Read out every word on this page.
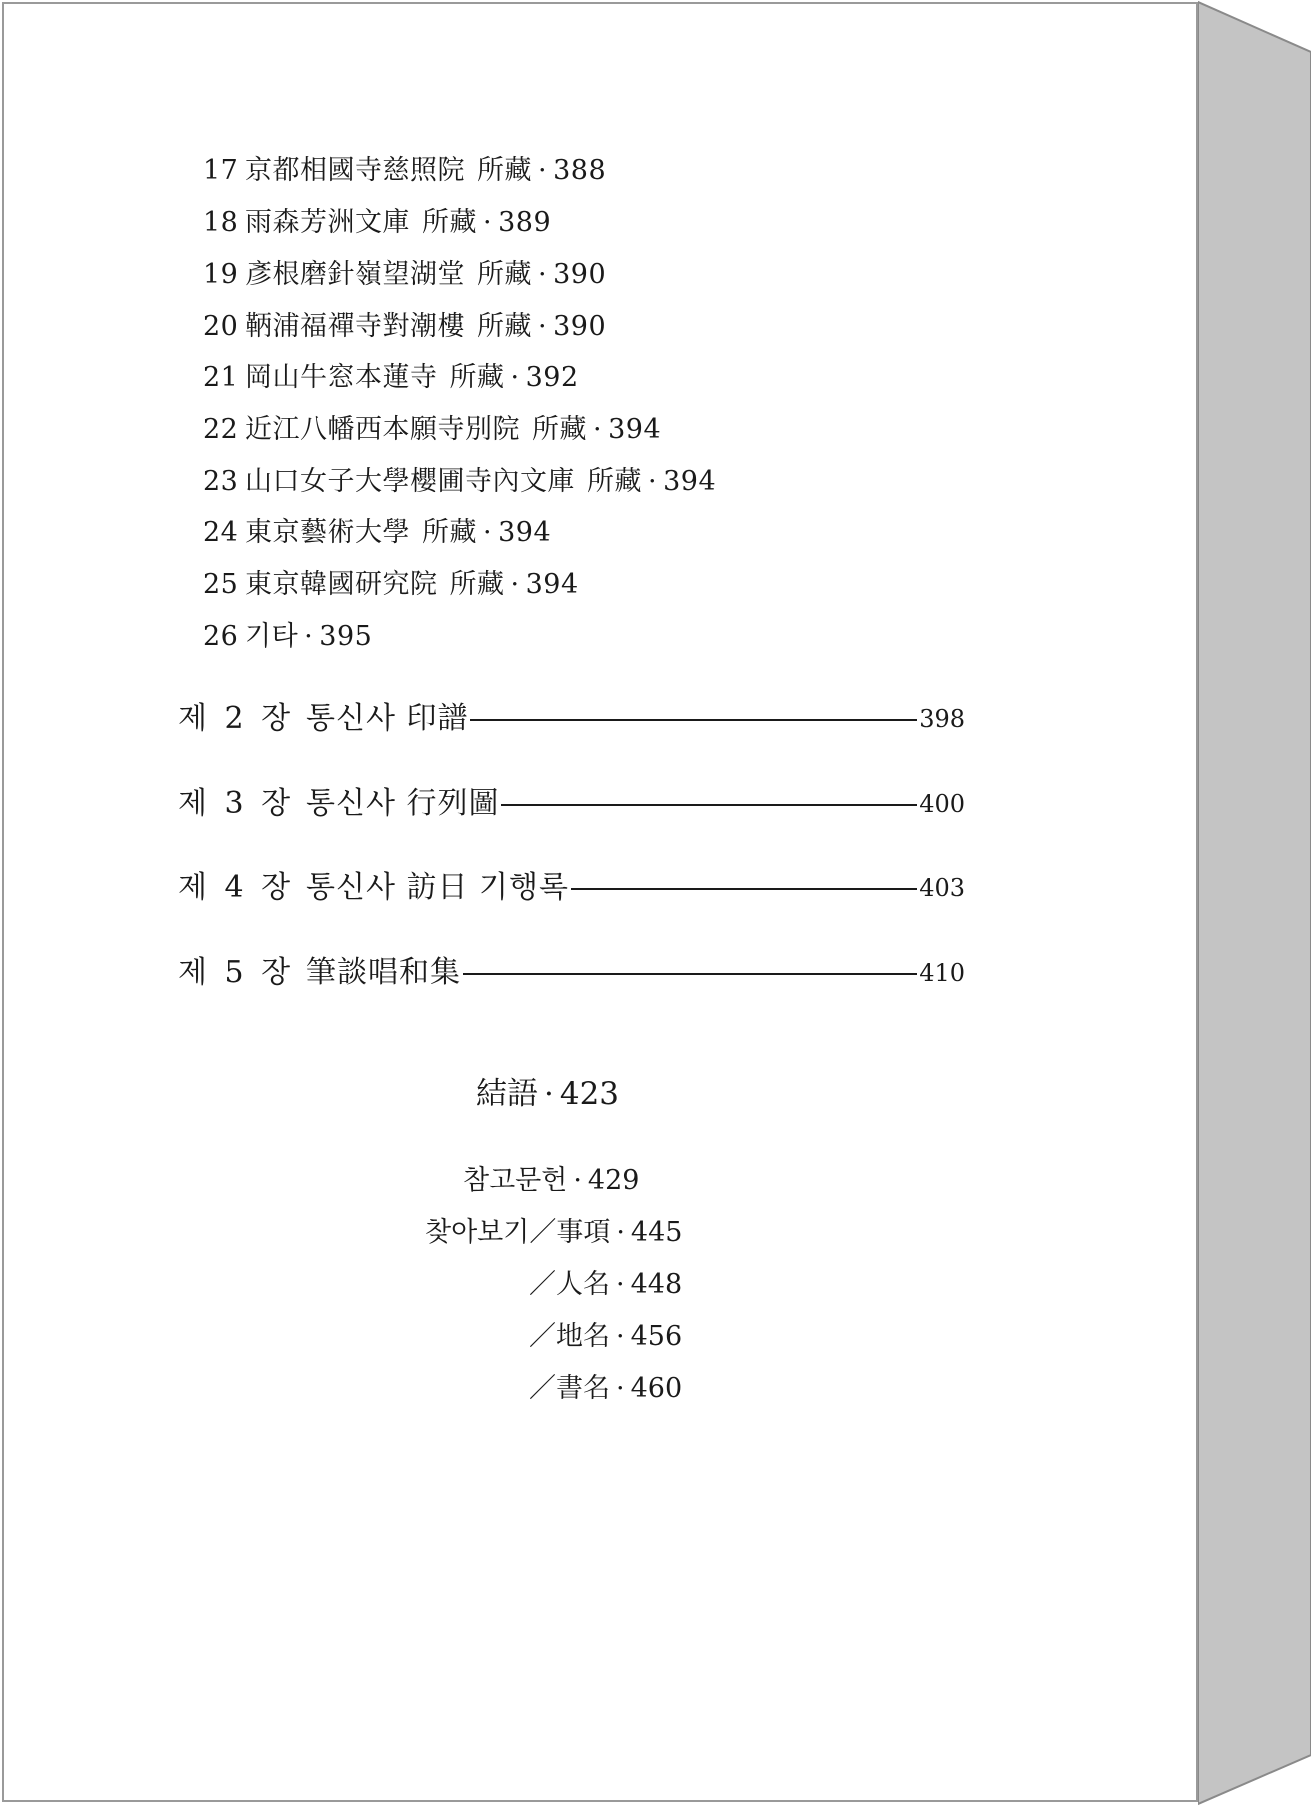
17 京都相國寺慈照院 所藏 · 388
18 雨森芳洲文庫 所藏 · 389
19 彥根磨針嶺望湖堂 所藏 · 390
20 鞆浦福禪寺對潮樓 所藏 · 390
21 岡山牛窓本蓮寺 所藏 · 392
22 近江八幡西本願寺別院 所藏 · 394
23 山口女子大學櫻圃寺內文庫 所藏 · 394
24 東京藝術大學 所藏 · 394
25 東京韓國研究院 所藏 · 394
26 기타 · 395
제 2 장 통신사 印譜	398
제 3 장 통신사 行列圖	400
제 4 장 통신사 訪日 기행록	403
제 5 장 筆談唱和集	410
結語 · 423
참고문헌 · 429
찾아보기／事項 · 445
／人名 · 448
／地名 · 456
／書名 · 460
